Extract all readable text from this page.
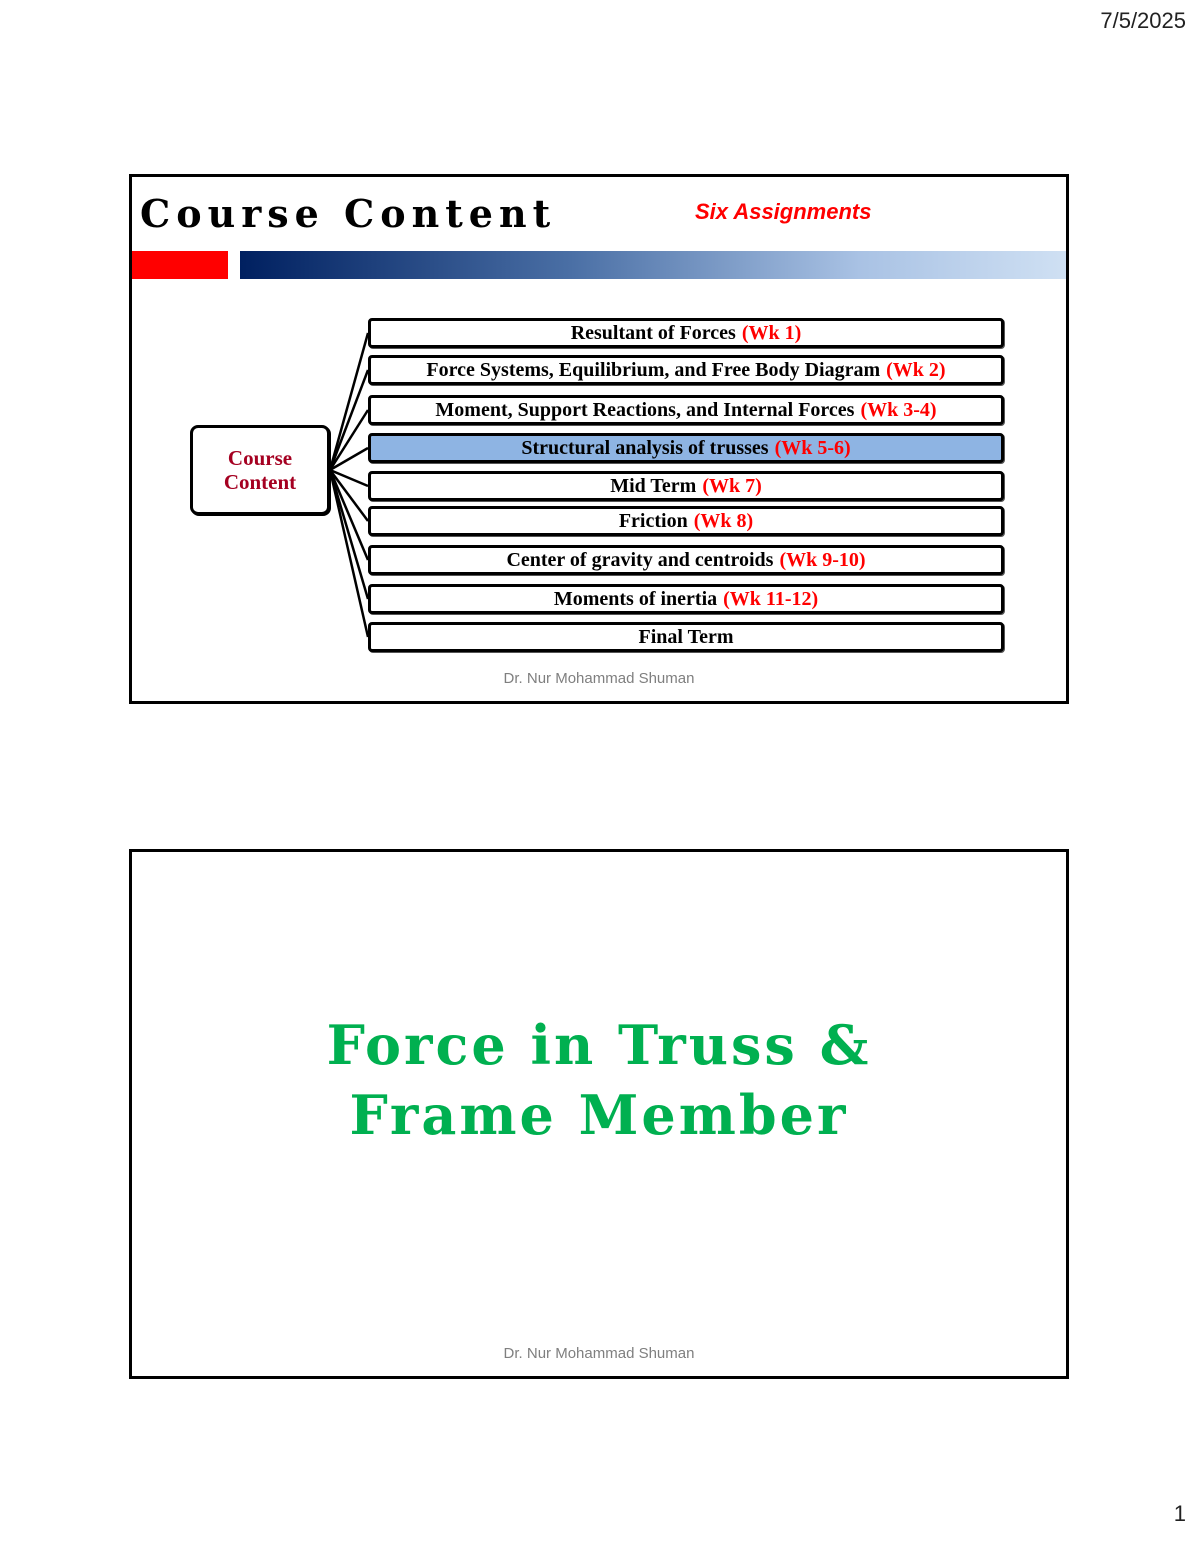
7/5/2025
Course Content	Six Assignments
Course
Content
Resultant of Forces (Wk 1)
Force Systems, Equilibrium, and Free Body Diagram (Wk 2)
Moment, Support Reactions, and Internal Forces (Wk 3-4)
Structural analysis of trusses (Wk 5-6)
Mid Term (Wk 7)
Friction (Wk 8)
Center of gravity and centroids (Wk 9-10)
Moments of inertia (Wk 11-12)
Final Term
Dr. Nur Mohammad Shuman
Force in Truss &
Frame Member
Dr. Nur Mohammad Shuman
1
